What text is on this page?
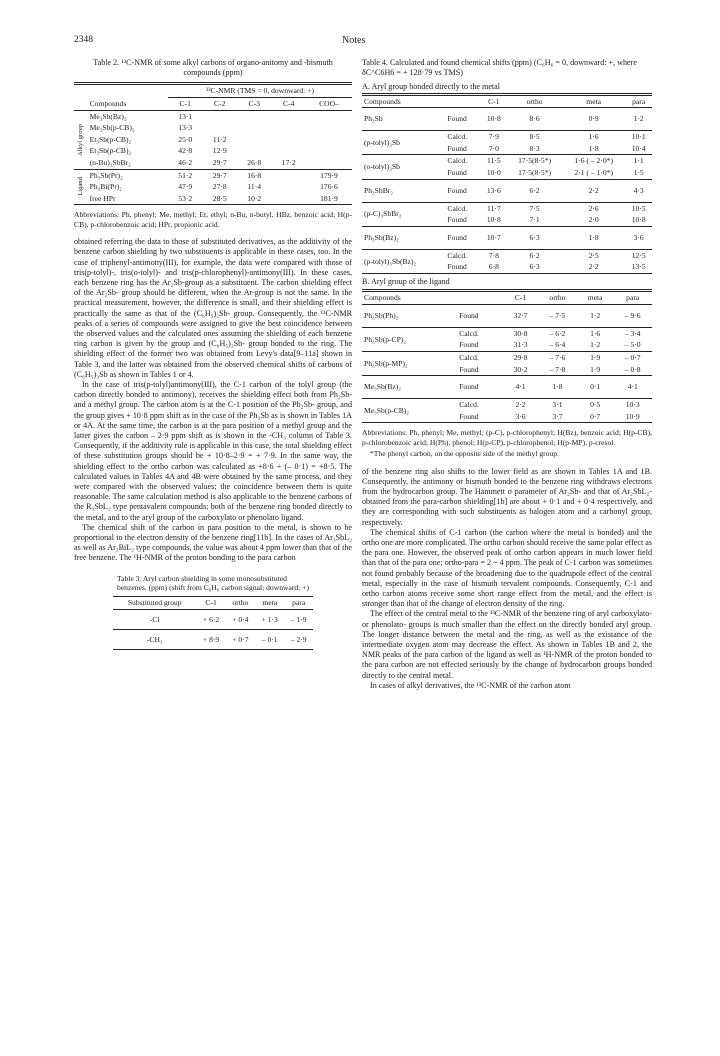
2348	Notes
Table 2. ¹³C-NMR of some alkyl carbons of organo-anitomy and -bismuth compounds (ppm)
		¹³C-NMR (TMS = 0, downward: +)				
	Compounds	C-1	C-2	C-3	C-4	COO–
Alkyl group	Me₃Sb(Bz)₂	13·1				
	Me₃Sb(p-CB)₂	13·3				
	Et₃Sb(p-CB)₂	25·0	11·2			
	Et₃Sb(p-CB)₂	42·8	12·9			
	(n-Bu)₃SbBr₂	46·2	29·7	26·8	17·2	
Ligand	Ph₃Sb(Pr)₂	51·2	29·7	16·8		179·9
	Ph₃Bi(Pr)₂	47·9	27·8	11·4		176·6
	free HPr	53·2	28·5	10·2		181·9
Abbreviations: Ph, phenyl; Me, methyl; Et, ethyl; n-Bu, n-butyl, HBz, benzoic acid; H(p-CB), p-chlorobenzoic acid; HPr, propionic acid.

obtained referring the data to those of substituted derivatives, as the additivity of the benzene carbon shielding by two substituents is applicable in these cases, too. In the case of triphenyl-antimony(III), for example, the data were compared with those of tris(p-tolyl)-, tris(o-tolyl)- and tris(p-chlorophenyl)-antimony(III). In these cases, each benzene ring has the Ar₂Sb-group as a substituent. The carbon shielding effect of the Ar₂Sb- group should be different, when the Ar-group is not the same. In the practical measurement, however, the difference is small, and their shielding effect is practically the same as that of the (C₆H₅)₂Sb- group. Consequently, the ¹³C-NMR peaks of a series of compounds were assigned to give the best coincidence between the observed values and the calculated ones assuming the shielding of each benzene ring carbon is given by the group and (C₆H₅)₂Sb- group bonded to the ring. The shielding effect of the former two was obtained from Levy's data[9–11a] shown in Table 3, and the latter was obtained from the observed chemical shifts of carbons of (C₆H₅)₃Sb as shown in Tables 1 or 4.

In the case of tris(p-tolyl)antimony(III), the C-1 carbon of the tolyl group (the carbon directly bonded to antimony), receives the shielding effect both from Ph₂Sb- and a methyl group. The carbon atom is at the C-1 position of the Ph₂Sb- group, and the group gives + 10·8 ppm shift as in the case of the Ph₃Sb as is shown in Tables 1A or 4A. At the same time, the carbon is at the para position of a methyl group and the latter gives the carbon – 2·9 ppm shift as is shown in the -CH₃ column of Table 3. Consequently, if the additivity rule is applicable in this case, the total shielding effect of these substitution groups should be + 10·8–2·9 = + 7·9. In the same way, the shielding effect to the ortho carbon was calculated as +8·6 + (– 0·1) = +8·5. The calculated values in Tables 4A and 4B were obtained by the same process, and they were compared with the observed values; the coincidence between them is quite reasonable. The same calculation method is also applicable to the benzene carbons of the R₃SbL₂ type pentavalent compounds; both of the benzene ring bonded directly to the metal, and to the aryl group of the carboxylato or phenolato ligand.

The chemical shift of the carbon in para position to the metal, is shown to be proportional to the electron density of the benzene ring[11b]. In the cases of Ar₃SbL₂ as well as Ar₃BiL₂ type compounds, the value was about 4 ppm lower than that of the free benzene. The ¹H-NMR of the proton bonding to the para carbon

Table 3. Aryl carbon shielding in some monosubstituted benzenes. (ppm) (shift from C₆H₆ carbon signal; downward: +)
Substituted group	C-1	ortho	meta	para
-Cl	+ 6·2	+ 0·4	+ 1·3	– 1·9
-CH₃	+ 8·9	+ 0·7	– 0·1	– 2·9
Table 4. Calculated and found chemical shifts (ppm) (C₆H₆ = 0, downward: +, where δC^C6H6 = + 128·79 vs TMS)
A. Aryl group bonded directly to the metal
Compounds		C-1	ortho	meta	para
Ph₃Sb	Found	10·8	8·6	0·9	1·2
(p-tolyl)₃Sb	Calcd.	7·9	8·5	1·6	10·1
	Found	7·0	8·3	1·8	10·4
(o-tolyl)₃Sb	Calcd.	11·5	17·5(8·5*)	1·6 ( – 2·0*)	1·1
	Found	10·0	17·5(8·5*)	2·1 ( – 1·0*)	1·5
Ph₃SbBr₂	Found	13·6	6·2	2·2	4·3
(p-C)₃SbBr₂	Calcd.	11·7	7·5	2·6	10·5
	Found	10·8	7·1	2·0	10·8
Ph₃Sb(Bz)₂	Found	10·7	6·3	1·8	3·6
(p-tolyl)₃Sb(Bz)₂	Calcd.	7·8	6·2	2·5	12·5
	Found	6·8	6·3	2·2	13·5
B. Aryl group of the ligand
Compounds		C-1	ortho	meta	para
Ph₃Sb(Ph)₂	Found	32·7	– 7·5	1·2	– 9·6
Ph₃Sb(p-CP)₂	Calcd.	30·8	– 6·2	1·6	– 3·4
	Found	31·3	– 6·4	1·2	– 5·0
Ph₃Sb(p-MP)₂	Calcd.	29·8	– 7·6	1·9	– 0·7
	Found	30·2	– 7·8	1·9	– 0·8
Me₃Sb(Bz)₂	Found	4·1	1·8	0·1	4·1
Me₃Sb(p-CB)₂	Calcd.	2·2	3·1	0·5	10·3
	Found	3·6	3·7	0·7	10·9
Abbreviations: Ph, phenyl; Me, methyl; (p-C), p-chlorophenyl; H(Bz), benzoic acid; H(p-CB), p-chlorobenzoic acid; H(Ph), phenol; H(p-CP), p-chlorophenol; H(p-MP), p-cresol.
*The phenyl carbon, on the opposite side of the methyl group.

of the benzene ring also shifts to the lower field as are shown in Tables 1A and 1B. Consequently, the antimony or bismuth bonded to the benzene ring withdraws electrons from the hydrocarbon group. The Hammett σ parameter of Ar₂Sb- and that of Ar₂SbL₂- obtained from the para-carbon shielding[1b] are about + 0·1 and + 0·4 respectively, and they are corresponding with such substituents as halogen atom and a carbonyl group, respectively.

The chemical shifts of C-1 carbon (the carbon where the metal is bonded) and the ortho one are more complicated. The ortho carbon should receive the same polar effect as the para one. However, the observed peak of ortho carbon appears in much lower field than that of the para one; ortho-para = 2 ~ 4 ppm. The peak of C-1 carbon was sometimes not found probably because of the broadening due to the quadrupole effect of the central metal, especially in the case of bismuth tervalent compounds. Consequently, C-1 and ortho carbon atoms receive some short range effect from the metal, and the effect is stronger than that of the change of electron density of the ring.

The effect of the central metal to the ¹³C-NMR of the benzene ring of aryl carboxylato- or phenolato- groups is much smaller than the effect on the directly bonded aryl group. The longer distance between the metal and the ring, as well as the existance of the intermediate oxygen atom may decrease the effect. As shown in Tables 1B and 2, the NMR peaks of the para carbon of the ligand as well as ¹H-NMR of the proton bonded to the para carbon are not effected seriously by the change of hydrocarbon groups bonded directly to the central metal.

In cases of alkyl derivatives, the ¹³C-NMR of the carbon atom
